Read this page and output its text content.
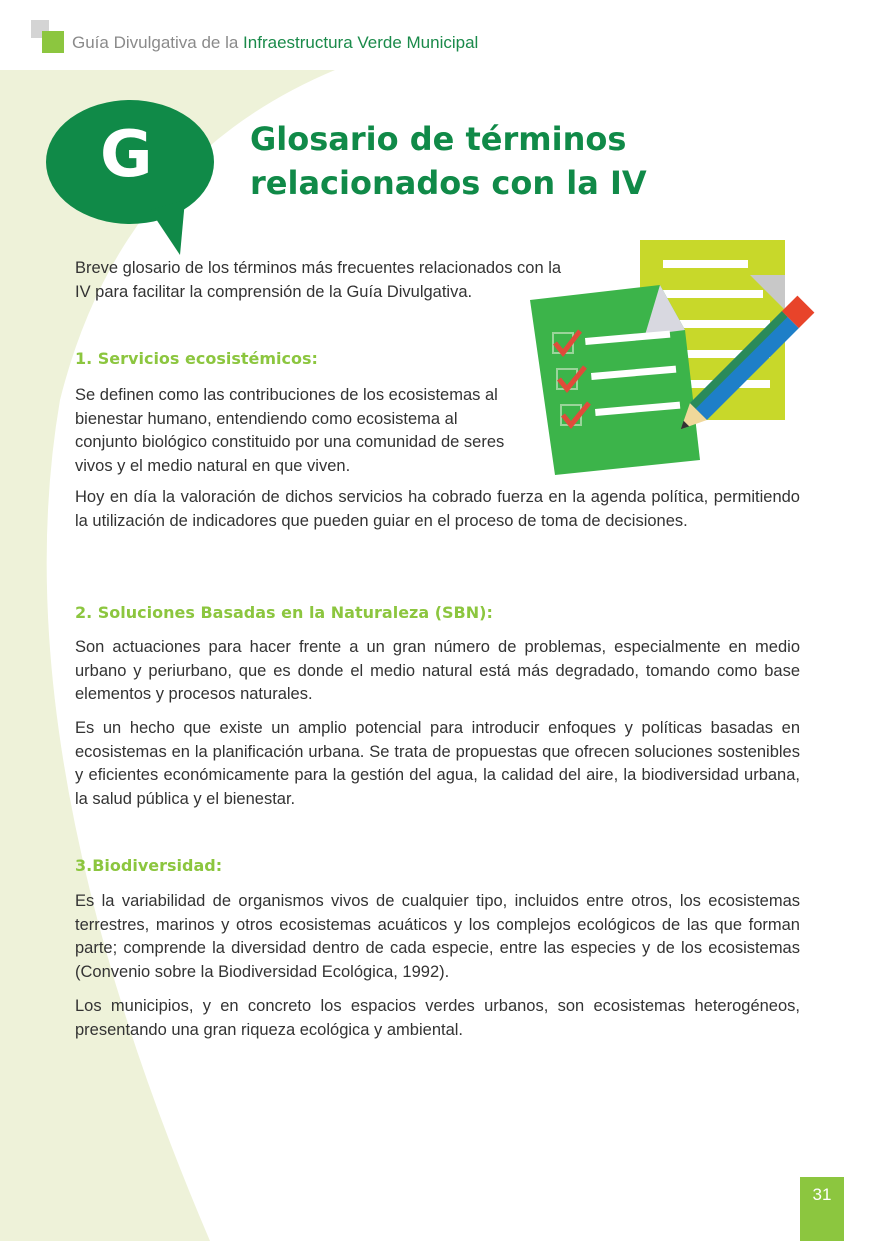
Guía Divulgativa de la Infraestructura Verde Municipal
G	Glosario de términos
relacionados con la IV

Breve glosario de los términos más frecuentes relacionados con la IV para facilitar la comprensión de la Guía Divulgativa.

1. Servicios ecosistémicos:

Se definen como las contribuciones de los ecosistemas al bienestar humano, entendiendo como ecosistema al conjunto biológico constituido por una comunidad de seres vivos y el medio natural en que viven.

Hoy en día la valoración de dichos servicios ha cobrado fuerza en la agenda política, permitiendo la utilización de indicadores que pueden guiar en el proceso de toma de decisiones.

2. Soluciones Basadas en la Naturaleza (SBN):

Son actuaciones para hacer frente a un gran número de problemas, especialmente en medio urbano y periurbano, que es donde el medio natural está más degradado, tomando como base elementos y procesos naturales.

Es un hecho que existe un amplio potencial para introducir enfoques y políticas basadas en ecosistemas en la planificación urbana. Se trata de propuestas que ofrecen soluciones sostenibles y eficientes económicamente para la gestión del agua, la calidad del aire, la biodiversidad urbana, la salud pública y el bienestar.

3.Biodiversidad:

Es la variabilidad de organismos vivos de cualquier tipo, incluidos entre otros, los ecosistemas terrestres, marinos y otros ecosistemas acuáticos y los complejos ecológicos de las que forman parte; comprende la diversidad dentro de cada especie, entre las especies y de los ecosistemas (Convenio sobre la Biodiversidad Ecológica, 1992).

Los municipios, y en concreto los espacios verdes urbanos, son ecosistemas heterogéneos, presentando una gran riqueza ecológica y ambiental.

31
